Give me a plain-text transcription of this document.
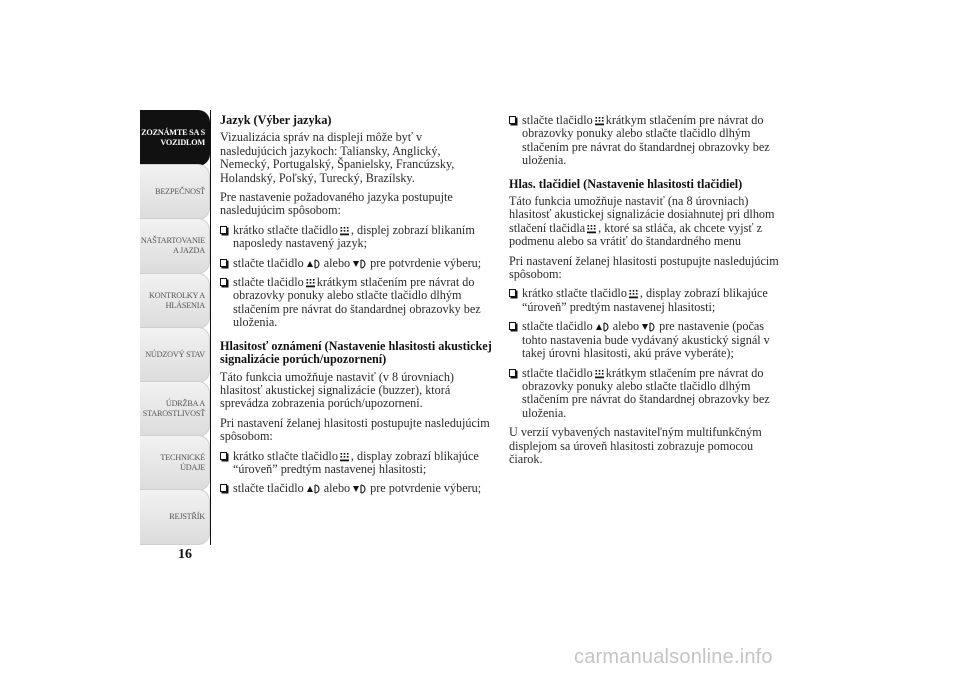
ZOZNÁMTE SA S
VOZIDLOM
BEZPEČNOSŤ
NAŠTARTOVANIE
A JAZDA
KONTROLKY A
HLÁSENIA
NÚDZOVÝ STAV
ÚDRŽBA A
STAROSTLIVOSŤ
TECHNICKÉ
ÚDAJE
REJSTŘÍK
16
Jazyk (Výber jazyka)

Vizualizácia správ na displeji môže byť v nasledujúcich jazykoch: Taliansky, Anglický, Nemecký, Portugalský, Španielsky, Francúzsky, Holandský, Poľský, Turecký, Brazílsky.

Pre nastavenie požadovaného jazyka postupujte nasledujúcim spôsobom:

krátko stlačte tlačidlo , displej zobrazí blikaním naposledy nastavený jazyk;
stlačte tlačidlo alebo pre potvrdenie výberu;
stlačte tlačidlo krátkym stlačením pre návrat do obrazovky ponuky alebo stlačte tlačidlo dlhým stlačením pre návrat do štandardnej obrazovky bez uloženia.
Hlasitosť oznámení (Nastavenie hlasitosti akustickej signalizácie porúch/upozornení)

Táto funkcia umožňuje nastaviť (v 8 úrovniach) hlasitosť akustickej signalizácie (buzzer), ktorá sprevádza zobrazenia porúch/upozornení.

Pri nastavení želanej hlasitosti postupujte nasledujúcim spôsobom:

krátko stlačte tlačidlo , display zobrazí blikajúce “úroveň” predtým nastavenej hlasitosti;
stlačte tlačidlo alebo pre potvrdenie výberu;
stlačte tlačidlo krátkym stlačením pre návrat do obrazovky ponuky alebo stlačte tlačidlo dlhým stlačením pre návrat do štandardnej obrazovky bez uloženia.
Hlas. tlačidiel (Nastavenie hlasitosti tlačidiel)

Táto funkcia umožňuje nastaviť (na 8 úrovniach) hlasitosť akustickej signalizácie dosiahnutej pri dlhom stlačení tlačidla , ktoré sa stláča, ak chcete vyjsť z podmenu alebo sa vrátiť do štandardného menu

Pri nastavení želanej hlasitosti postupujte nasledujúcim spôsobom:

krátko stlačte tlačidlo , display zobrazí blikajúce “úroveň” predtým nastavenej hlasitosti;
stlačte tlačidlo alebo pre nastavenie (počas tohto nastavenia bude vydávaný akustický signál v takej úrovni hlasitosti, akú práve vyberáte);
stlačte tlačidlo krátkym stlačením pre návrat do obrazovky ponuky alebo stlačte tlačidlo dlhým stlačením pre návrat do štandardnej obrazovky bez uloženia.

U verzií vybavených nastaviteľným multifunkčným displejom sa úroveň hlasitosti zobrazuje pomocou čiarok.

carmanualsonline.info
